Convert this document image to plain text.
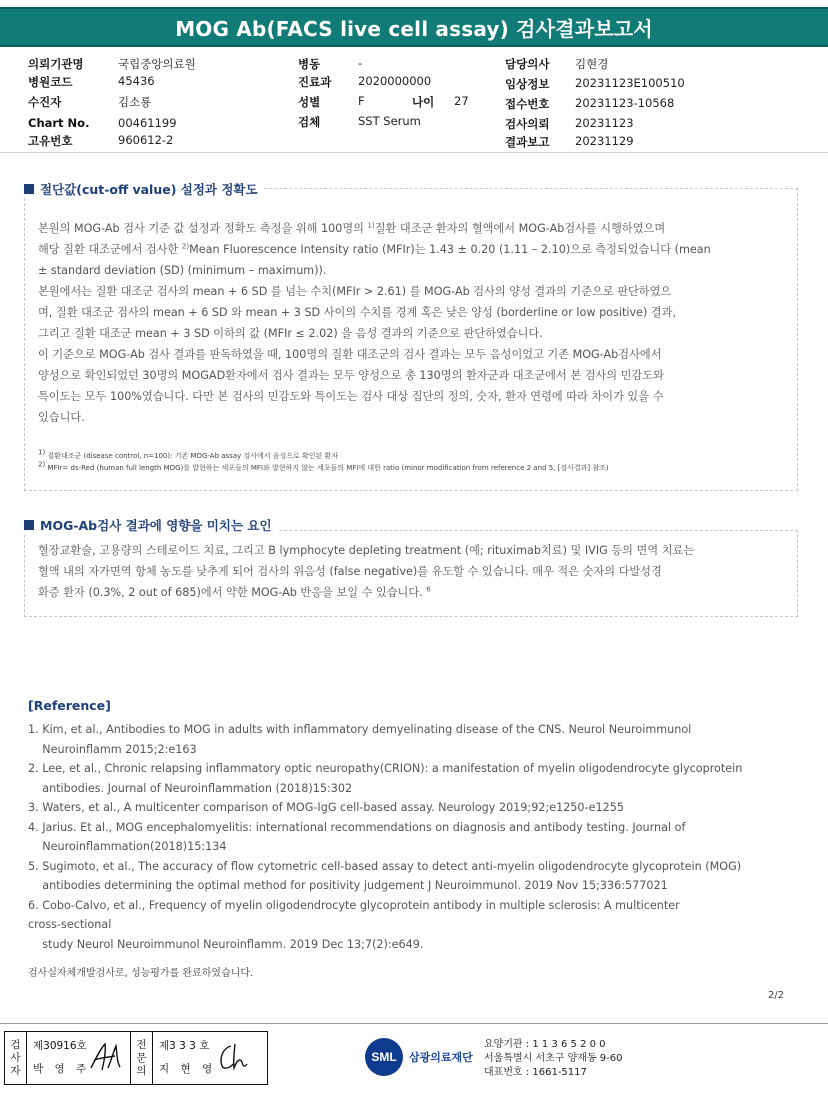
MOG Ab(FACS live cell assay) 검사결과보고서
의뢰기관명	국립중앙의료원
병원코드	45436
수진자	김소룡
Chart No.	00461199
고유번호	960612-2
병동	-
진료과	2020000000
성별	F	나이	27
검체	SST Serum
담당의사	김현경
임상정보	20231123E100510
접수번호	20231123-10568
검사의뢰	20231123
결과보고	20231129
절단값(cut-off value) 설정과 정확도
본원의 MOG-Ab 검사 기준 값 설정과 정확도 측정을 위해 100명의 $^{1)}$질환 대조군 환자의 혈액에서 MOG-Ab검사를 시행하였으며
해당 질환 대조군에서 검사한 $^{2)}$Mean Fluorescence Intensity ratio (MFIr)는 1.43 ± 0.20 (1.11 – 2.10)으로 측정되었습니다 (mean
± standard deviation (SD) (minimum – maximum)).
본원에서는 질환 대조군 검사의 mean + 6 SD 를 넘는 수치(MFIr > 2.61) 를 MOG-Ab 검사의 양성 결과의 기준으로 판단하였으
며, 질환 대조군 검사의 mean + 6 SD 와 mean + 3 SD 사이의 수치를 경계 혹은 낮은 양성 (borderline or low positive) 결과,
그리고 질환 대조군 mean + 3 SD 이하의 값 (MFIr ≤ 2.02) 을 음성 결과의 기준으로 판단하였습니다.
이 기준으로 MOG-Ab 검사 결과를 판독하였을 때, 100명의 질환 대조군의 검사 결과는 모두 음성이었고 기존 MOG-Ab검사에서
양성으로 확인되었던 30명의 MOGAD환자에서 검사 결과는 모두 양성으로 총 130명의 환자군과 대조군에서 본 검사의 민감도와
특이도는 모두 100%였습니다. 다만 본 검사의 민감도와 특이도는 검사 대상 집단의 정의, 숫자, 환자 연령에 따라 차이가 있을 수
있습니다.
1) 질환대조군 (disease control, n=100): 기존 MOG-Ab assay 검사에서 음성으로 확인된 환자
2) MFIr= ds-Red (human full length MOG)를 발현하는 세포들의 MFI와 발현하지 않는 세포들의 MFI에 대한 ratio (minor modification from reference 2 and 5, [검사결과] 참조)
MOG-Ab검사 결과에 영향을 미치는 요인
혈장교환술, 고용량의 스테로이드 치료, 그리고 B lymphocyte depleting treatment (예; rituximab치료) 및 IVIG 등의 면역 치료는
혈액 내의 자가면역 항체 농도를 낮추게 되어 검사의 위음성 (false negative)를 유도할 수 있습니다. 매우 적은 숫자의 다발성경
화증 환자 (0.3%, 2 out of 685)에서 약한 MOG-Ab 반응을 보일 수 있습니다. $^6$
[Reference]
1. Kim, et al., Antibodies to MOG in adults with inflammatory demyelinating disease of the CNS. Neurol Neuroimmunol
Neuroinflamm 2015;2:e163
2. Lee, et al., Chronic relapsing inflammatory optic neuropathy(CRION): a manifestation of myelin oligodendrocyte glycoprotein
antibodies. Journal of Neuroinflammation (2018)15:302
3. Waters, et al., A multicenter comparison of MOG-IgG cell-based assay. Neurology 2019;92;e1250-e1255
4. Jarius. Et al., MOG encephalomyelitis: international recommendations on diagnosis and antibody testing. Journal of
Neuroinflammation(2018)15:134
5. Sugimoto, et al., The accuracy of flow cytometric cell-based assay to detect anti-myelin oligodendrocyte glycoprotein (MOG)
antibodies determining the optimal method for positivity judgement J Neuroimmunol. 2019 Nov 15;336:577021
6. Cobo-Calvo, et al., Frequency of myelin oligodendrocyte glycoprotein antibody in multiple sclerosis: A multicenter
cross-sectional
study Neurol Neuroimmunol Neuroinflamm. 2019 Dec 13;7(2):e649.
검사실자체개발검사로, 성능평가를 완료하였습니다.
2/2
검
사
자
제30916호
박 영 주
전
문
의
제3 3 3 호
지 현 영
SML	삼광의료재단
요양기관 : 1 1 3 6 5 2 0 0
서울특별시 서초구 양재동 9-60
대표번호 : 1661-5117
